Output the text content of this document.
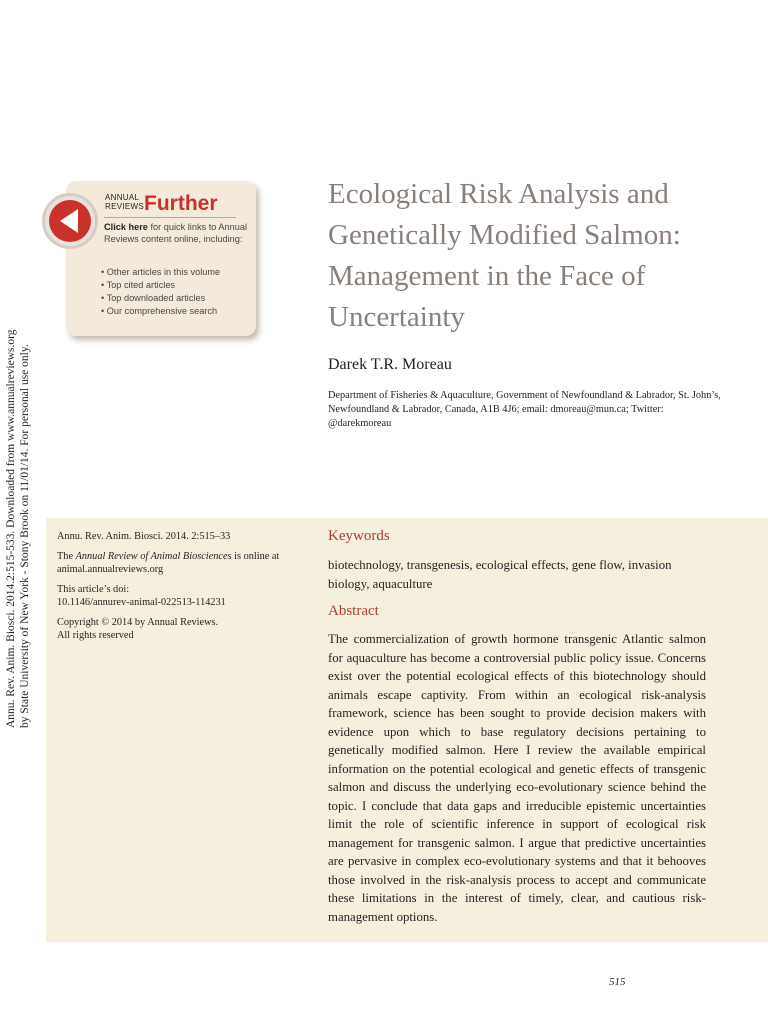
Annu. Rev. Anim. Biosci. 2014.2:515-533. Downloaded from www.annualreviews.org by State University of New York - Stony Brook on 11/01/14. For personal use only.
ANNUAL
REVIEWS Further
Click here for quick links to Annual Reviews content online, including:
• Other articles in this volume
• Top cited articles
• Top downloaded articles
• Our comprehensive search
Ecological Risk Analysis and Genetically Modified Salmon: Management in the Face of Uncertainty
Darek T.R. Moreau
Department of Fisheries & Aquaculture, Government of Newfoundland & Labrador, St. John’s, Newfoundland & Labrador, Canada, A1B 4J6; email: dmoreau@mun.ca; Twitter: @darekmoreau

Annu. Rev. Anim. Biosci. 2014. 2:515–33

The Annual Review of Animal Biosciences is online at animal.annualreviews.org

This article’s doi:
10.1146/annurev-animal-022513-114231

Copyright © 2014 by Annual Reviews.
All rights reserved

Keywords
biotechnology, transgenesis, ecological effects, gene flow, invasion biology, aquaculture
Abstract
The commercialization of growth hormone transgenic Atlantic salmon for aquaculture has become a controversial public policy issue. Concerns exist over the potential ecological effects of this biotechnology should animals escape captivity. From within an ecological risk-analysis framework, science has been sought to provide decision makers with evidence upon which to base regulatory decisions pertaining to genetically modified salmon. Here I review the available empirical information on the potential ecological and genetic effects of transgenic salmon and discuss the underlying eco-evolutionary science behind the topic. I conclude that data gaps and irreducible epistemic uncertainties limit the role of scientific inference in support of ecological risk management for transgenic salmon. I argue that predictive uncertainties are pervasive in complex eco-evolutionary systems and that it behooves those involved in the risk-analysis process to accept and communicate these limitations in the interest of timely, clear, and cautious risk-management options.
515
